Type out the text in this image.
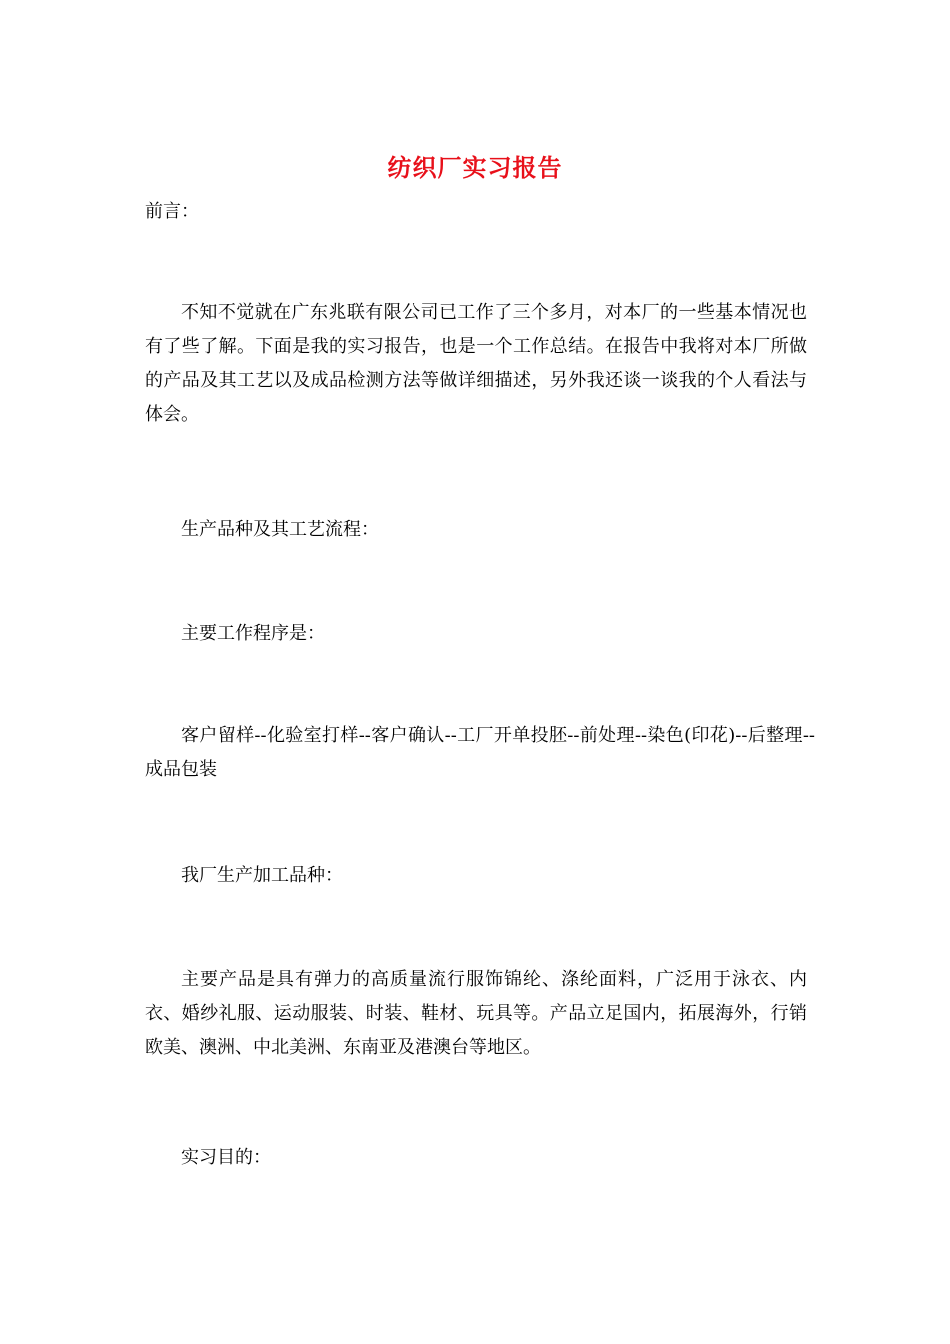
纺织厂实习报告
前言：
不知不觉就在广东兆联有限公司已工作了三个多月，对本厂的一些基本情况也有了些了解。下面是我的实习报告，也是一个工作总结。在报告中我将对本厂所做的产品及其工艺以及成品检测方法等做详细描述，另外我还谈一谈我的个人看法与体会。
生产品种及其工艺流程：
主要工作程序是：
客户留样--化验室打样--客户确认--工厂开单投胚--前处理--染色(印花)--后整理--成品包装
我厂生产加工品种：
主要产品是具有弹力的高质量流行服饰锦纶、涤纶面料，广泛用于泳衣、内衣、婚纱礼服、运动服装、时装、鞋材、玩具等。产品立足国内，拓展海外，行销欧美、澳洲、中北美洲、东南亚及港澳台等地区。
实习目的：
